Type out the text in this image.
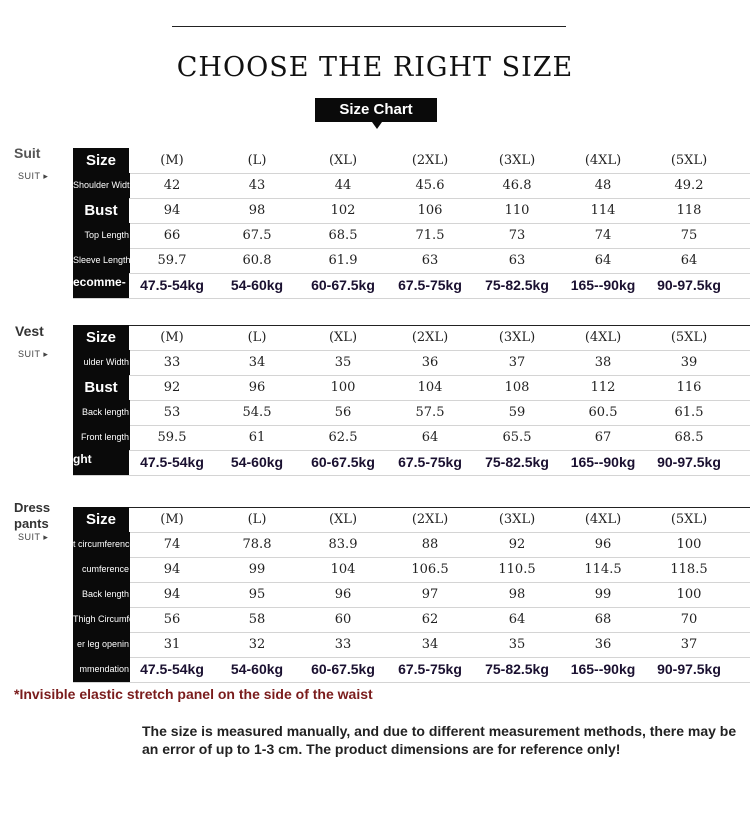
CHOOSE THE RIGHT SIZE
Size Chart
Suit
SUIT ▸
Size	(M)	(L)	(XL)	(2XL)	(3XL)	(4XL)	(5XL)
Shoulder Width	42	43	44	45.6	46.8	48	49.2
Bust	94	98	102	106	110	114	118
Top Length	66	67.5	68.5	71.5	73	74	75
Sleeve Length	59.7	60.8	61.9	63	63	64	64
ecomme-	47.5-54kg	54-60kg	60-67.5kg	67.5-75kg	75-82.5kg	165--90kg	90-97.5kg
Vest
SUIT ▸
Size	(M)	(L)	(XL)	(2XL)	(3XL)	(4XL)	(5XL)
ulder Width	33	34	35	36	37	38	39
Bust	92	96	100	104	108	112	116
Back length	53	54.5	56	57.5	59	60.5	61.5
Front length	59.5	61	62.5	64	65.5	67	68.5
ght	47.5-54kg	54-60kg	60-67.5kg	67.5-75kg	75-82.5kg	165--90kg	90-97.5kg
Dress
pants
SUIT ▸
Size	(M)	(L)	(XL)	(2XL)	(3XL)	(4XL)	(5XL)
t circumference	74	78.8	83.9	88	92	96	100
cumference	94	99	104	106.5	110.5	114.5	118.5
Back length	94	95	96	97	98	99	100
Thigh Circumference 56	58	60	62	64	68	70
er leg openin	31	32	33	34	35	36	37
mmendation 47.5-54kg	54-60kg	60-67.5kg	67.5-75kg	75-82.5kg	165--90kg	90-97.5kg
*Invisible elastic stretch panel on the side of the waist
The size is measured manually, and due to different measurement methods, there may be an error of up to 1-3 cm. The product dimensions are for reference only!
